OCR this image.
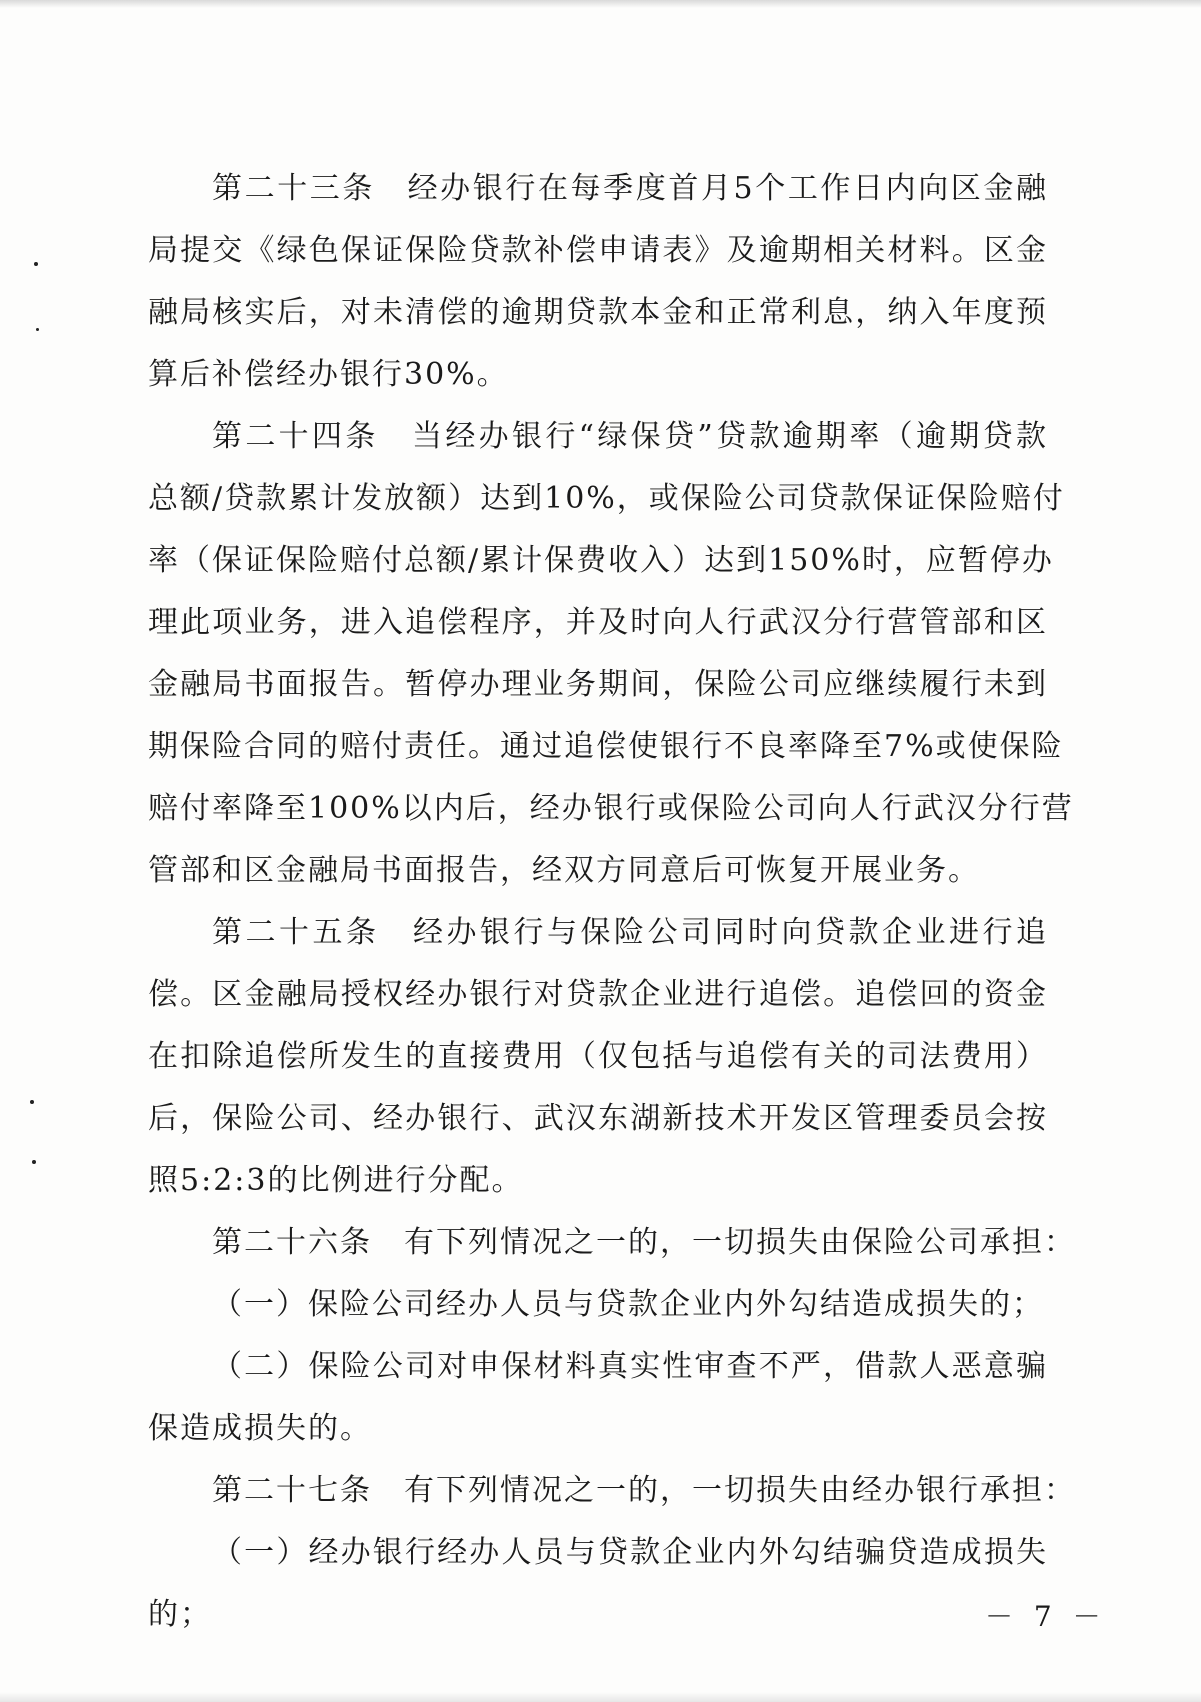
第二十三条　经办银行在每季度首月5个工作日内向区金融
局提交《绿色保证保险贷款补偿申请表》及逾期相关材料。区金
融局核实后，对未清偿的逾期贷款本金和正常利息，纳入年度预
算后补偿经办银行30%。
第二十四条　当经办银行“绿保贷”贷款逾期率（逾期贷款
总额/贷款累计发放额）达到10%，或保险公司贷款保证保险赔付
率（保证保险赔付总额/累计保费收入）达到150%时，应暂停办
理此项业务，进入追偿程序，并及时向人行武汉分行营管部和区
金融局书面报告。暂停办理业务期间，保险公司应继续履行未到
期保险合同的赔付责任。通过追偿使银行不良率降至7%或使保险
赔付率降至100%以内后，经办银行或保险公司向人行武汉分行营
管部和区金融局书面报告，经双方同意后可恢复开展业务。
第二十五条　经办银行与保险公司同时向贷款企业进行追
偿。区金融局授权经办银行对贷款企业进行追偿。追偿回的资金
在扣除追偿所发生的直接费用（仅包括与追偿有关的司法费用）
后，保险公司、经办银行、武汉东湖新技术开发区管理委员会按
照5:2:3的比例进行分配。
第二十六条　有下列情况之一的，一切损失由保险公司承担：
（一）保险公司经办人员与贷款企业内外勾结造成损失的；
（二）保险公司对申保材料真实性审查不严，借款人恶意骗
保造成损失的。
第二十七条　有下列情况之一的，一切损失由经办银行承担：
（一）经办银行经办人员与贷款企业内外勾结骗贷造成损失
的；	－ 7 －
